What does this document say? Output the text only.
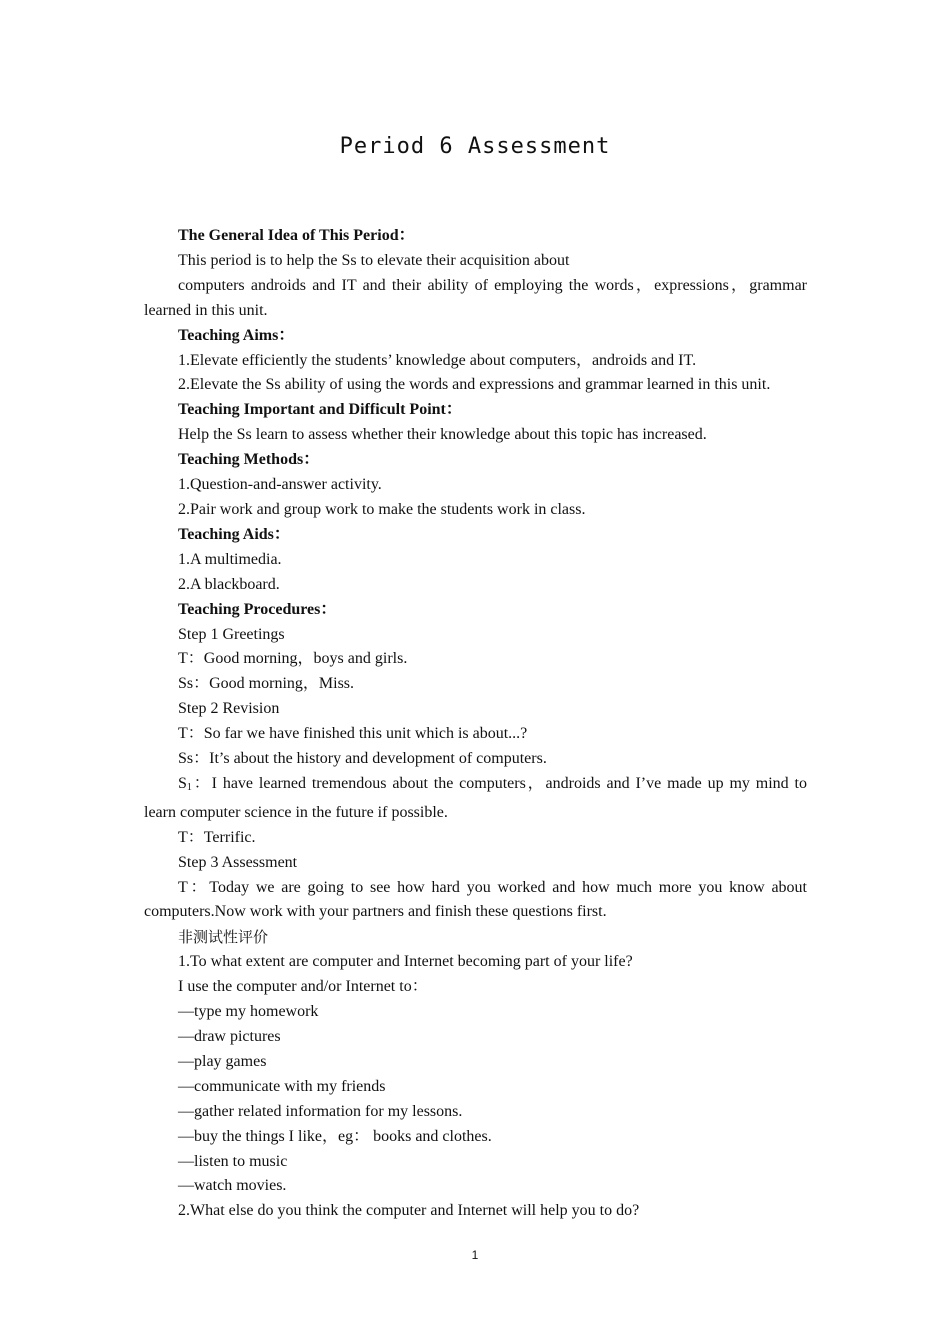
Period 6 Assessment

The General Idea of This Period：

This period is to help the Ss to elevate their acquisition about

computers androids and IT and their ability of employing the words，expressions，grammar learned in this unit.

Teaching Aims：

1.Elevate efficiently the students’ knowledge about computers，androids and IT.

2.Elevate the Ss ability of using the words and expressions and grammar learned in this unit.

Teaching Important and Difficult Point：

Help the Ss learn to assess whether their knowledge about this topic has increased.

Teaching Methods：

1.Question-and-answer activity.

2.Pair work and group work to make the students work in class.

Teaching Aids：

1.A multimedia.

2.A blackboard.

Teaching Procedures：

Step 1 Greetings

T：Good morning，boys and girls.

Ss：Good morning，Miss.

Step 2 Revision

T：So far we have finished this unit which is about...?

Ss：It’s about the history and development of computers.

$S_1$：I have learned tremendous about the computers，androids and I’ve made up my mind to learn computer science in the future if possible.

T：Terrific.

Step 3 Assessment

T：Today we are going to see how hard you worked and how much more you know about computers.Now work with your partners and finish these questions first.

非测试性评价

1.To what extent are computer and Internet becoming part of your life?

I use the computer and/or Internet to：

—type my homework

—draw pictures

—play games

—communicate with my friends

—gather related information for my lessons.

—buy the things I like，eg： books and clothes.

—listen to music

—watch movies.

2.What else do you think the computer and Internet will help you to do?

1
